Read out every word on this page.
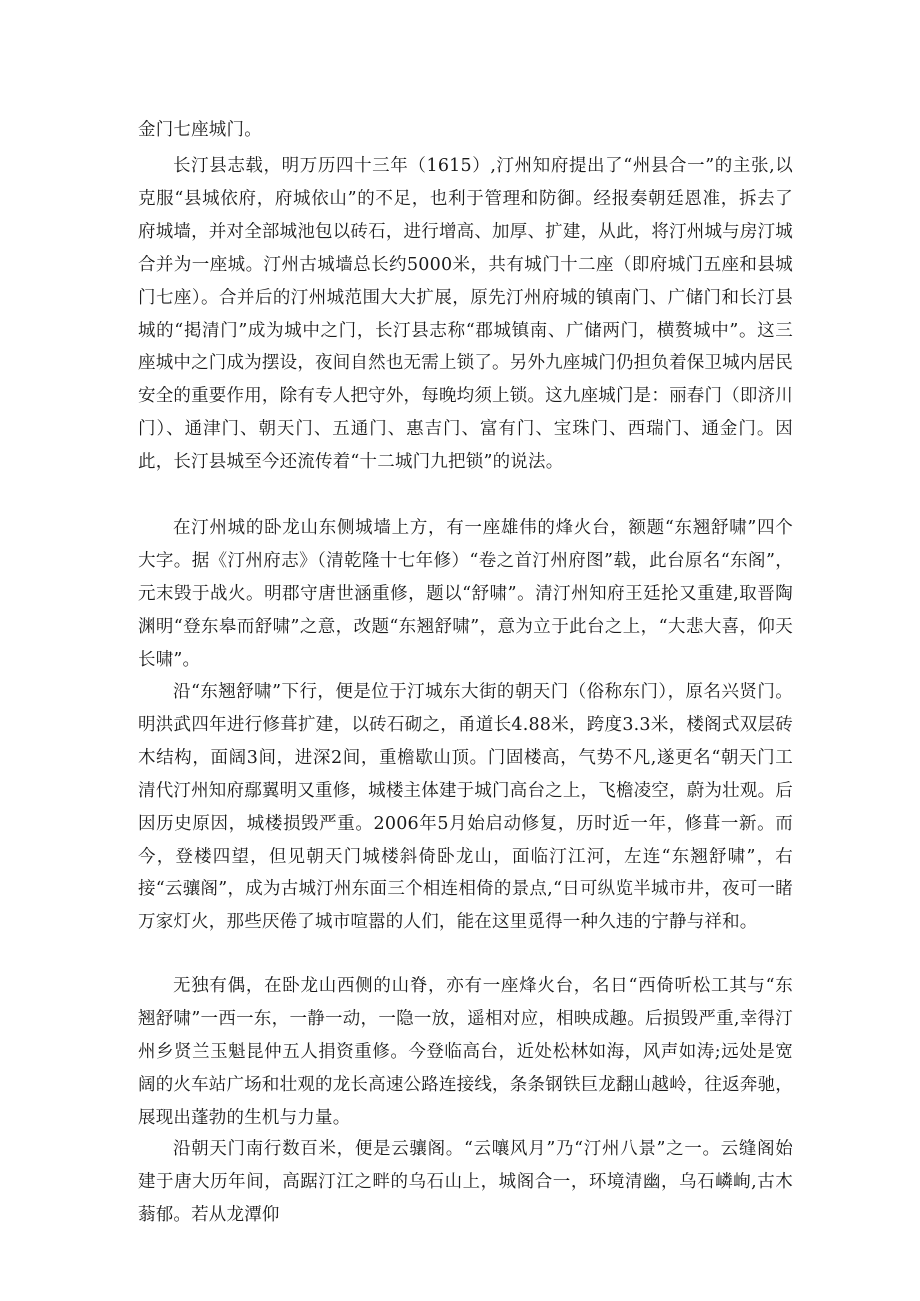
金门七座城门。

长汀县志载，明万历四十三年（1615）,汀州知府提出了“州县合一”的主张,以克服“县城依府，府城依山”的不足，也利于管理和防御。经报奏朝廷恩准，拆去了府城墙，并对全部城池包以砖石，进行增高、加厚、扩建，从此，将汀州城与房汀城合并为一座城。汀州古城墙总长约5000米，共有城门十二座（即府城门五座和县城门七座）。合并后的汀州城范围大大扩展，原先汀州府城的镇南门、广储门和长汀县城的“掲清门”成为城中之门，长汀县志称“郡城镇南、广储两门，横赘城中”。这三座城中之门成为摆设，夜间自然也无需上锁了。另外九座城门仍担负着保卫城内居民安全的重要作用，除有专人把守外，每晚均须上锁。这九座城门是：丽春门（即济川门）、通津门、朝天门、五通门、惠吉门、富有门、宝珠门、西瑞门、通金门。因此，长汀县城至今还流传着“十二城门九把锁”的说法。

在汀州城的卧龙山东侧城墙上方，有一座雄伟的烽火台，额题“东翘舒啸”四个大字。据《汀州府志》（清乾隆十七年修）“卷之首汀州府图”载，此台原名“东阁”，元末毁于战火。明郡守唐世涵重修，题以“舒啸”。清汀州知府王廷抡又重建,取晋陶渊明“登东皋而舒啸”之意，改题“东翘舒啸”，意为立于此台之上，“大悲大喜，仰天长啸”。

沿“东翘舒啸”下行，便是位于汀城东大街的朝天门（俗称东门），原名兴贤门。明洪武四年进行修葺扩建，以砖石砌之，甬道长4.88米，跨度3.3米，楼阁式双层砖木结构，面阔3间，进深2间，重檐歇山顶。门固楼高，气势不凡,遂更名“朝天门工清代汀州知府鄢翼明又重修，城楼主体建于城门高台之上，飞檐凌空，蔚为壮观。后因历史原因，城楼损毁严重。2006年5月始启动修复，历时近一年，修葺一新。而今，登楼四望，但见朝天门城楼斜倚卧龙山，面临汀江河，左连“东翘舒啸”，右接“云骧阁”，成为古城汀州东面三个相连相倚的景点,“日可纵览半城市井，夜可一睹万家灯火，那些厌倦了城市喧嚣的人们，能在这里觅得一种久违的宁静与祥和。

无独有偶，在卧龙山西侧的山脊，亦有一座烽火台，名日“西倚听松工其与“东翘舒啸”一西一东，一静一动，一隐一放，遥相对应，相映成趣。后损毁严重,幸得汀州乡贤兰玉魁昆仲五人捐资重修。今登临高台，近处松林如海，风声如涛;远处是宽阔的火车站广场和壮观的龙长高速公路连接线，条条钢铁巨龙翻山越岭，往返奔驰，展现出蓬勃的生机与力量。

沿朝天门南行数百米，便是云骧阁。“云嚷风月”乃“汀州八景”之一。云缝阁始建于唐大历年间，高踞汀江之畔的乌石山上，城阁合一，环境清幽，乌石嶙峋,古木蓊郁。若从龙潭仰
